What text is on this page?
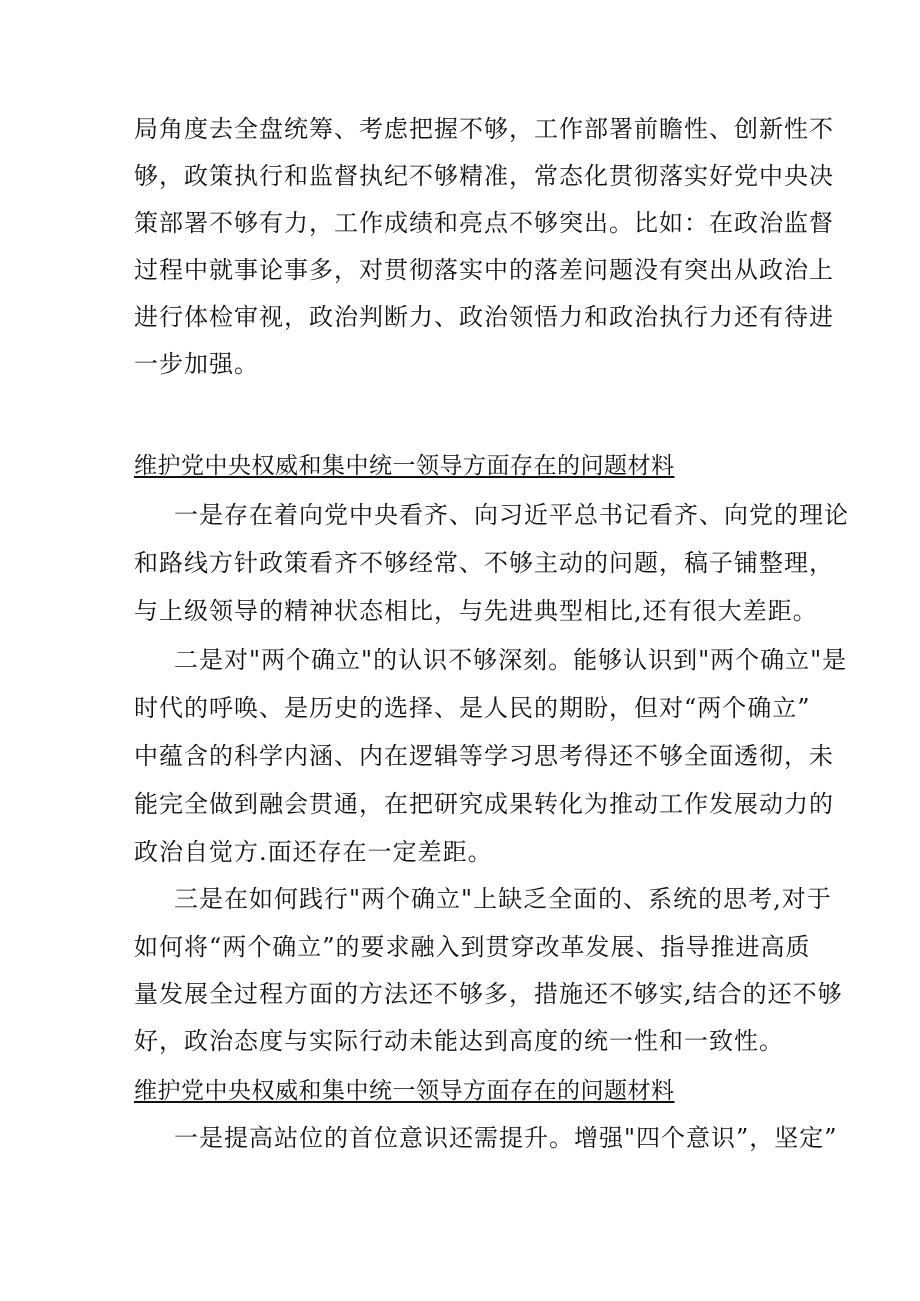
局角度去全盘统筹、考虑把握不够，工作部署前瞻性、创新性不
够，政策执行和监督执纪不够精准，常态化贯彻落实好党中央决
策部署不够有力，工作成绩和亮点不够突出。比如：在政治监督
过程中就事论事多，对贯彻落实中的落差问题没有突出从政治上
进行体检审视，政治判断力、政治领悟力和政治执行力还有待进
一步加强。
维护党中央权威和集中统一领导方面存在的问题材料
一是存在着向党中央看齐、向习近平总书记看齐、向党的理论
和路线方针政策看齐不够经常、不够主动的问题，稿子铺整理，
与上级领导的精神状态相比，与先进典型相比,还有很大差距。
二是对"两个确立"的认识不够深刻。能够认识到"两个确立"是
时代的呼唤、是历史的选择、是人民的期盼，但对“两个确立”
中蕴含的科学内涵、内在逻辑等学习思考得还不够全面透彻，未
能完全做到融会贯通，在把研究成果转化为推动工作发展动力的
政治自觉方.面还存在一定差距。
三是在如何践行"两个确立"上缺乏全面的、系统的思考,对于
如何将“两个确立”的要求融入到贯穿改革发展、指导推进高质
量发展全过程方面的方法还不够多，措施还不够实,结合的还不够
好，政治态度与实际行动未能达到高度的统一性和一致性。
维护党中央权威和集中统一领导方面存在的问题材料
一是提高站位的首位意识还需提升。增强"四个意识”，坚定”
